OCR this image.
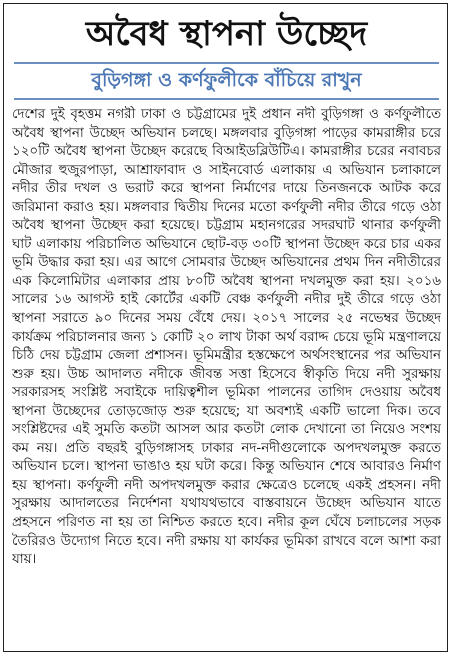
অবৈধ স্থাপনা উচ্ছেদ
বুড়িগঙ্গা ও কর্ণফুলীকে বাঁচিয়ে রাখুন

দেশের দুই বৃহত্তম নগরী ঢাকা ও চট্টগ্রামের দুই প্রধান নদী বুড়িগঙ্গা ও কর্ণফুলীতে অবৈধ স্থাপনা উচ্ছেদ অভিযান চলছে। মঙ্গলবার বুড়িগঙ্গা পাড়ের কামরাঙ্গীর চরে ১২০টি অবৈধ স্থাপনা উচ্ছেদ করেছে বিআইডব্লিউটিএ। কামরাঙ্গীর চরের নবাবচর মৌজার হুজুরপাড়া, আশ্রাফাবাদ ও সাইনবোর্ড এলাকায় এ অভিযান চলাকালে নদীর তীর দখল ও ভরাট করে স্থাপনা নির্মাণের দায়ে তিনজনকে আটক করে জরিমানা করাও হয়। মঙ্গলবার দ্বিতীয় দিনের মতো কর্ণফুলী নদীর তীরে গড়ে ওঠা অবৈধ স্থাপনা উচ্ছেদ করা হয়েছে। চট্টগ্রাম মহানগরের সদরঘাট থানার কর্ণফুলী ঘাট এলাকায় পরিচালিত অভিযানে ছোট-বড় ৩০টি স্থাপনা উচ্ছেদ করে চার একর ভূমি উদ্ধার করা হয়। এর আগে সোমবার উচ্ছেদ অভিযানের প্রথম দিন নদীতীরের এক কিলোমিটার এলাকার প্রায় ৮০টি অবৈধ স্থাপনা দখলমুক্ত করা হয়। ২০১৬ সালের ১৬ আগস্ট হাই কোর্টের একটি বেঞ্চ কর্ণফুলী নদীর দুই তীরে গড়ে ওঠা স্থাপনা সরাতে ৯০ দিনের সময় বেঁধে দেয়। ২০১৭ সালের ২৫ নভেম্বর উচ্ছেদ কার্যক্রম পরিচালনার জন্য ১ কোটি ২০ লাখ টাকা অর্থ বরাদ্দ চেয়ে ভূমি মন্ত্রণালয়ে চিঠি দেয় চট্টগ্রাম জেলা প্রশাসন। ভূমিমন্ত্রীর হস্তক্ষেপে অর্থসংস্থানের পর অভিযান শুরু হয়। উচ্চ আদালত নদীকে জীবন্ত সত্তা হিসেবে স্বীকৃতি দিয়ে নদী সুরক্ষায় সরকারসহ সংশ্লিষ্ট সবাইকে দায়িত্বশীল ভূমিকা পালনের তাগিদ দেওয়ায় অবৈধ স্থাপনা উচ্ছেদের তোড়জোড় শুরু হয়েছে; যা অবশ্যই একটি ভালো দিক। তবে সংশ্লিষ্টদের এই সুমতি কতটা আসল আর কতটা লোক দেখানো তা নিয়েও সংশয় কম নয়। প্রতি বছরই বুড়িগঙ্গাসহ ঢাকার নদ-নদীগুলোকে অপদখলমুক্ত করতে অভিযান চলে। স্থাপনা ভাঙাও হয় ঘটা করে। কিন্তু অভিযান শেষে আবারও নির্মাণ হয় স্থাপনা। কর্ণফুলী নদী অপদখলমুক্ত করার ক্ষেত্রেও চলেছে একই প্রহসন। নদী সুরক্ষায় আদালতের নির্দেশনা যথাযথভাবে বাস্তবায়নে উচ্ছেদ অভিযান যাতে প্রহসনে পরিণত না হয় তা নিশ্চিত করতে হবে। নদীর কূল ঘেঁষে চলাচলের সড়ক তৈরিরও উদ্যোগ নিতে হবে। নদী রক্ষায় যা কার্যকর ভূমিকা রাখবে বলে আশা করা যায়।
